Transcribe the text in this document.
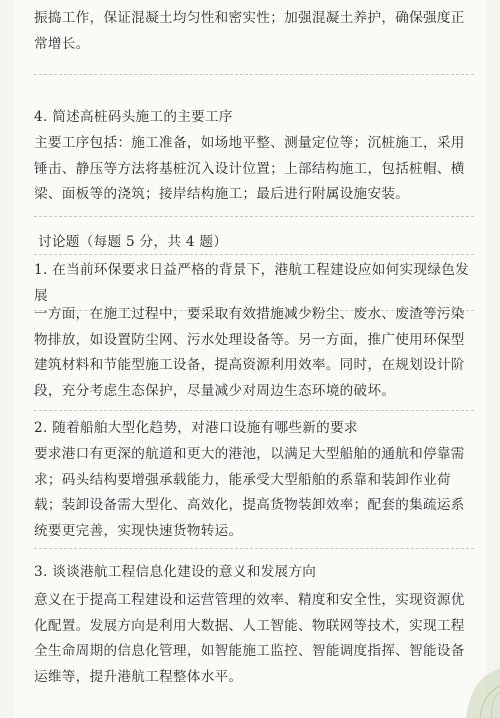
振捣工作，保证混凝土均匀性和密实性；加强混凝土养护，确保强度正常增长。

4. 简述高桩码头施工的主要工序

主要工序包括：施工准备，如场地平整、测量定位等；沉桩施工，采用锤击、静压等方法将基桩沉入设计位置；上部结构施工，包括桩帽、横梁、面板等的浇筑；接岸结构施工；最后进行附属设施安装。

讨论题（每题 5 分，共 4 题）

1. 在当前环保要求日益严格的背景下，港航工程建设应如何实现绿色发展

一方面，在施工过程中，要采取有效措施减少粉尘、废水、废渣等污染物排放，如设置防尘网、污水处理设备等。另一方面，推广使用环保型建筑材料和节能型施工设备，提高资源利用效率。同时，在规划设计阶段，充分考虑生态保护，尽量减少对周边生态环境的破坏。

2. 随着船舶大型化趋势，对港口设施有哪些新的要求

要求港口有更深的航道和更大的港池，以满足大型船舶的通航和停靠需求；码头结构要增强承载能力，能承受大型船舶的系靠和装卸作业荷载；装卸设备需大型化、高效化，提高货物装卸效率；配套的集疏运系统要更完善，实现快速货物转运。

3. 谈谈港航工程信息化建设的意义和发展方向

意义在于提高工程建设和运营管理的效率、精度和安全性，实现资源优化配置。发展方向是利用大数据、人工智能、物联网等技术，实现工程全生命周期的信息化管理，如智能施工监控、智能调度指挥、智能设备运维等，提升港航工程整体水平。
